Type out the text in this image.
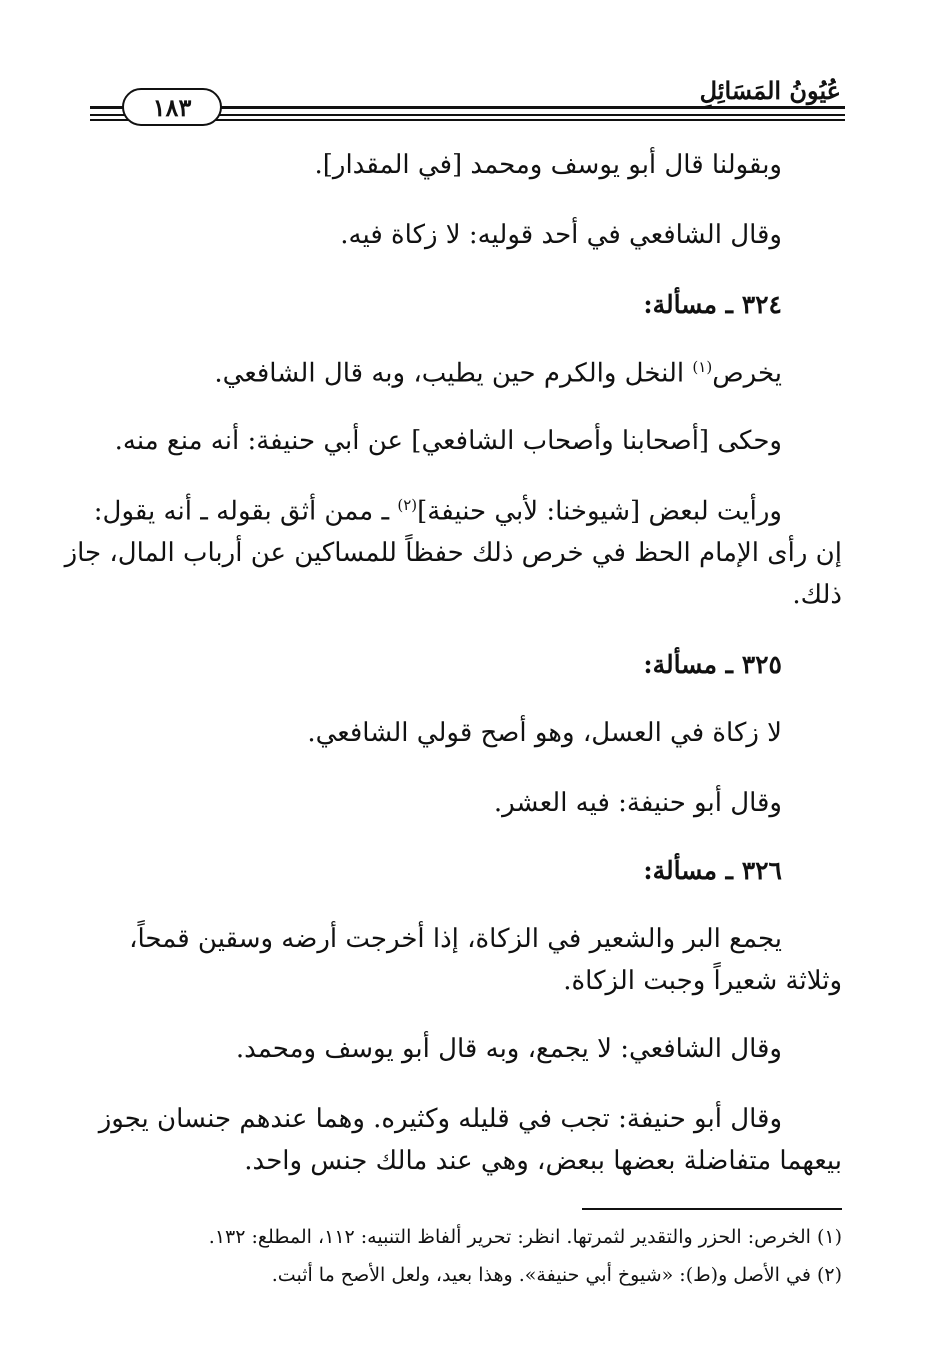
عُيُونُ المَسَائِلِ
١٨٣
وبقولنا قال أبو يوسف ومحمد [في المقدار].
وقال الشافعي في أحد قوليه: لا زكاة فيه.
٣٢٤ ـ مسألة:
يخرص$^{(١)}$ النخل والكرم حين يطيب، وبه قال الشافعي.
وحكى [أصحابنا وأصحاب الشافعي] عن أبي حنيفة: أنه منع منه.
ورأيت لبعض [شيوخنا: لأبي حنيفة]$^{(٢)}$ ـ ممن أثق بقوله ـ أنه يقول:
إن رأى الإمام الحظ في خرص ذلك حفظاً للمساكين عن أرباب المال، جاز
ذلك.
٣٢٥ ـ مسألة:
لا زكاة في العسل، وهو أصح قولي الشافعي.
وقال أبو حنيفة: فيه العشر.
٣٢٦ ـ مسألة:
يجمع البر والشعير في الزكاة، إذا أخرجت أرضه وسقين قمحاً،
وثلاثة شعيراً وجبت الزكاة.
وقال الشافعي: لا يجمع، وبه قال أبو يوسف ومحمد.
وقال أبو حنيفة: تجب في قليله وكثيره. وهما عندهم جنسان يجوز
بيعهما متفاضلة بعضها ببعض، وهي عند مالك جنس واحد.
(١) الخرص: الحزر والتقدير لثمرتها. انظر: تحرير ألفاظ التنبيه: ١١٢، المطلع: ١٣٢.
(٢) في الأصل و(ط): «شيوخ أبي حنيفة». وهذا بعيد، ولعل الأصح ما أثبت.
